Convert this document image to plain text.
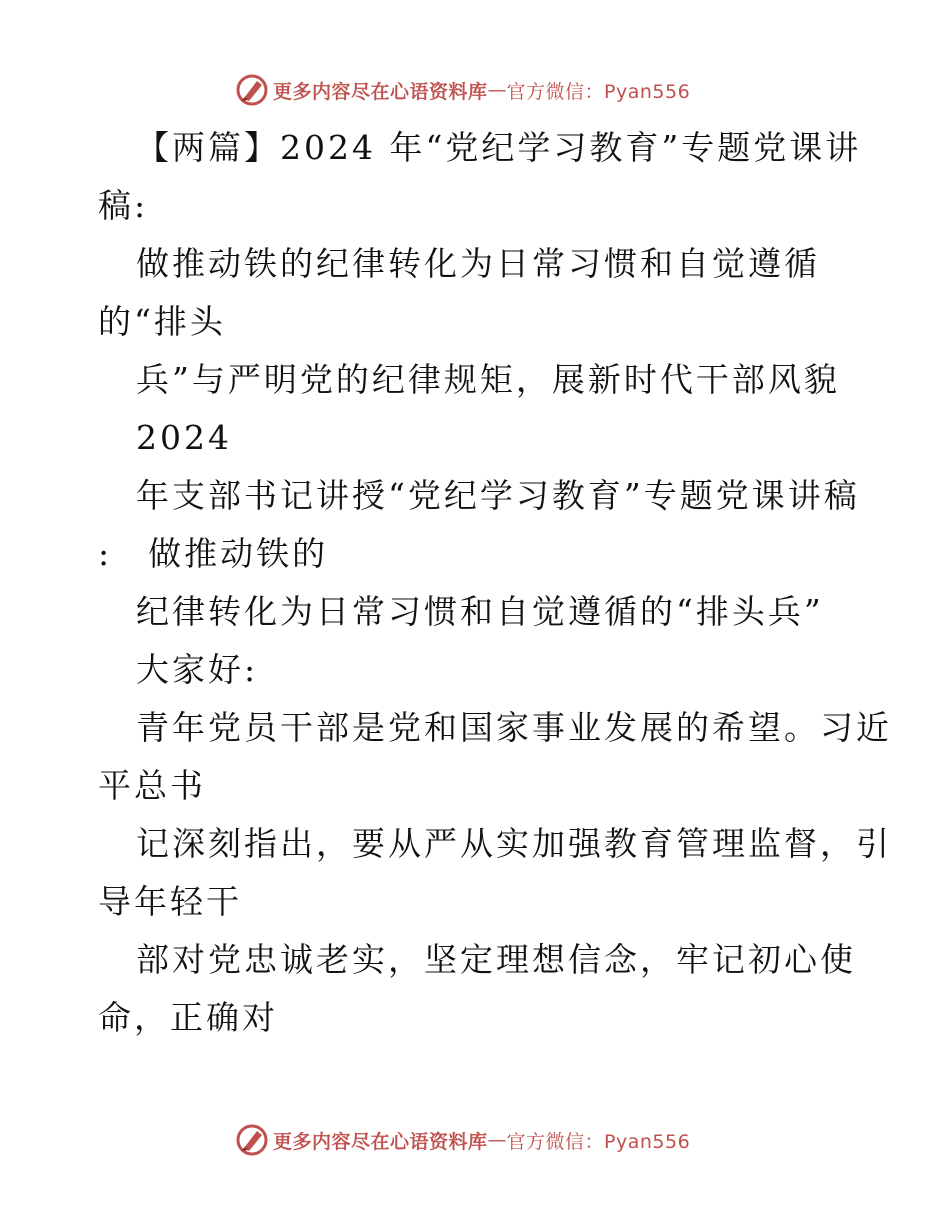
更多内容尽在心语资料库 — 官方微信：Pyan556
【两篇】2024 年“党纪学习教育”专题党课讲
稿:
做推动铁的纪律转化为日常习惯和自觉遵循
的“排头
兵”与严明党的纪律规矩，展新时代干部风貌
2024
年支部书记讲授“党纪学习教育”专题党课讲稿
:　做推动铁的
纪律转化为日常习惯和自觉遵循的“排头兵”
大家好:
青年党员干部是党和国家事业发展的希望。习近
平总书
记深刻指出，要从严从实加强教育管理监督，引
导年轻干
部对党忠诚老实，坚定理想信念，牢记初心使
命，正确对
更多内容尽在心语资料库 — 官方微信：Pyan556
